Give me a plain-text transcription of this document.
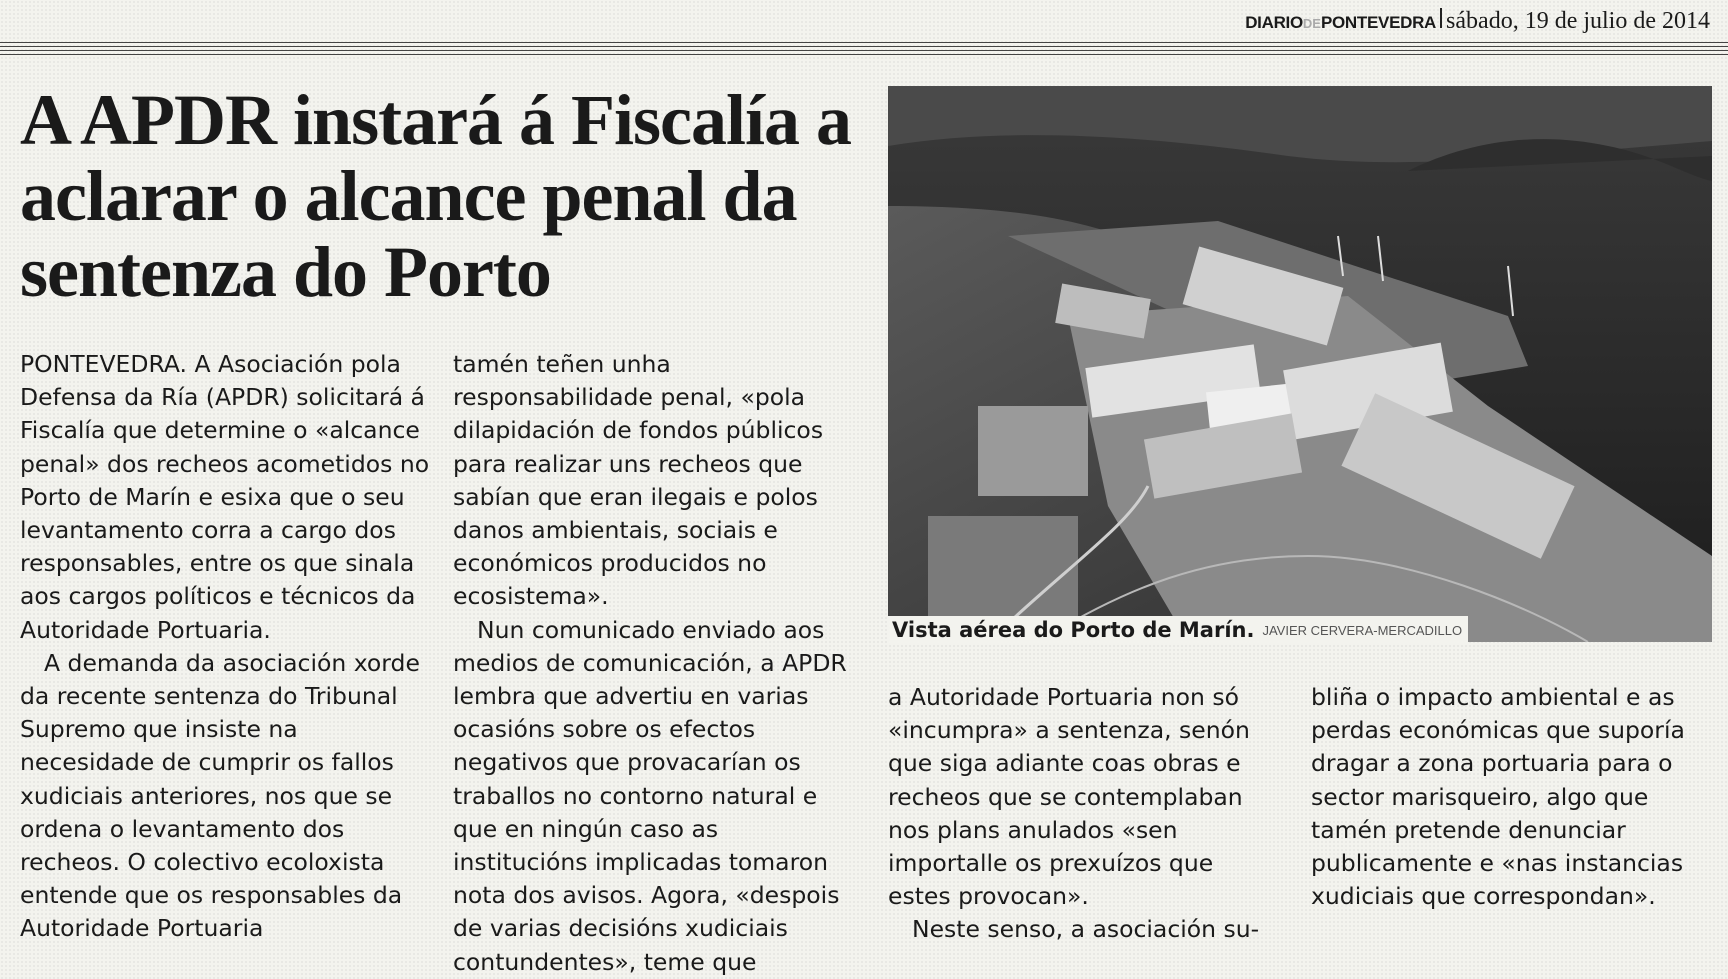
DIARIO DE PONTEVEDRA sábado, 19 de julio de 2014
A APDR instará á Fiscalía a
aclarar o alcance penal da
sentenza do Porto

PONTEVEDRA. A Asociación pola Defensa da Ría (APDR) solicitará á Fiscalía que determine o «alcance penal» dos recheos acometidos no Porto de Marín e esixa que o seu levantamento corra a cargo dos responsables, entre os que sinala aos cargos políticos e técnicos da Autoridade Portuaria.

A demanda da asociación xorde da recente sentenza do Tribunal Supremo que insiste na necesidade de cumprir os fallos xudiciais anteriores, nos que se ordena o levantamento dos recheos. O colectivo ecoloxista entende que os responsables da Autoridade Portuaria

tamén teñen unha responsabilidade penal, «pola dilapidación de fondos públicos para realizar uns recheos que sabían que eran ilegais e polos danos ambientais, sociais e económicos producidos no ecosistema».

Nun comunicado enviado aos medios de comunicación, a APDR lembra que advertiu en varias ocasións sobre os efectos negativos que provacarían os traballos no contorno natural e que en ningún caso as institucións implicadas tomaron nota dos avisos. Agora, «despois de varias decisións xudiciais contundentes», teme que

Vista aérea do Porto de Marín. JAVIER CERVERA-MERCADILLO

a Autoridade Portuaria non só «incumpra» a sentenza, senón que siga adiante coas obras e recheos que se contemplaban nos plans anulados «sen importalle os prexuízos que estes provocan».

Neste senso, a asociación su-

bliña o impacto ambiental e as perdas económicas que suporía dragar a zona portuaria para o sector marisqueiro, algo que tamén pretende denunciar publicamente e «nas instancias xudiciais que correspondan».
